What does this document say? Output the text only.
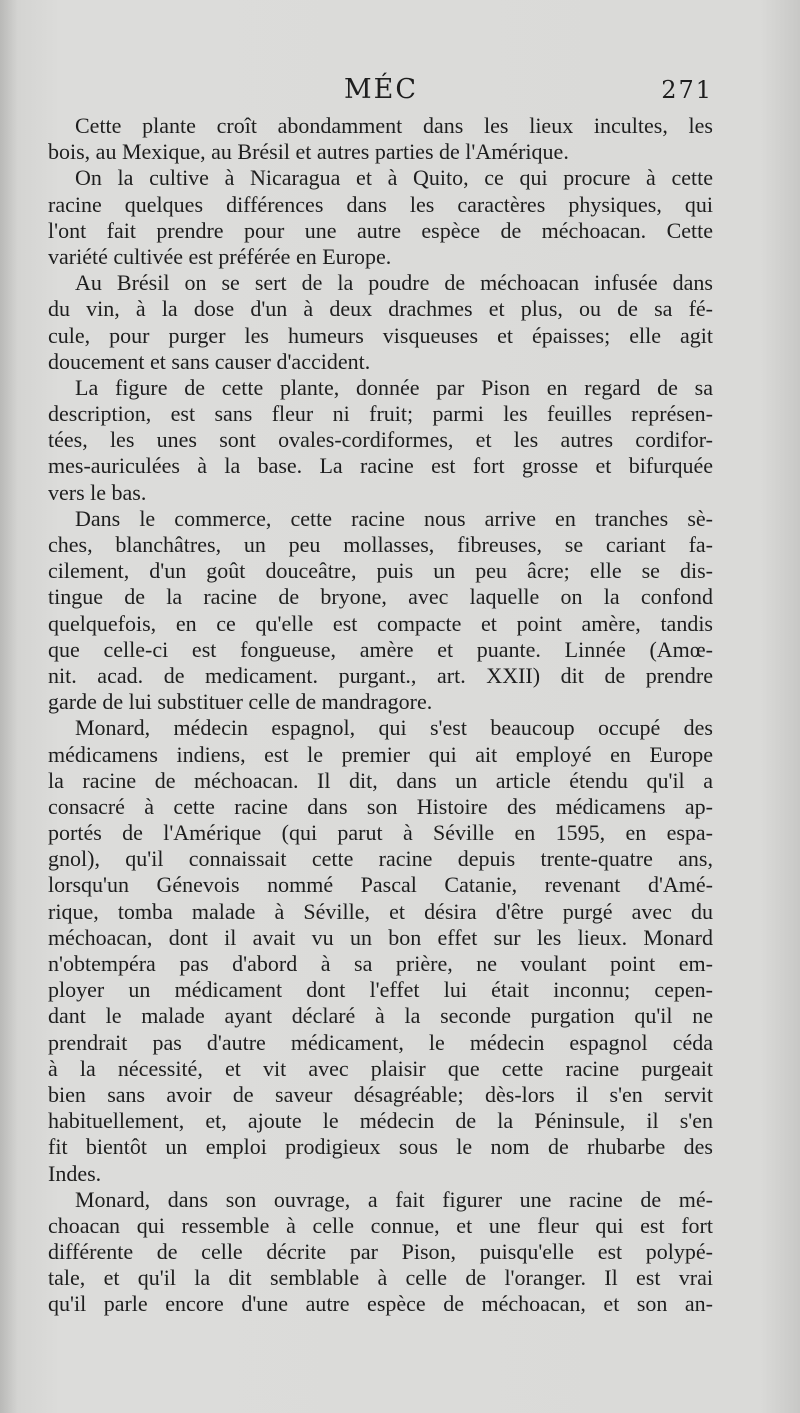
MÉC	271
Cette plante croît abondamment dans les lieux incultes, les
bois, au Mexique, au Brésil et autres parties de l'Amérique.
On la cultive à Nicaragua et à Quito, ce qui procure à cette
racine quelques différences dans les caractères physiques, qui
l'ont fait prendre pour une autre espèce de méchoacan. Cette
variété cultivée est préférée en Europe.
Au Brésil on se sert de la poudre de méchoacan infusée dans
du vin, à la dose d'un à deux drachmes et plus, ou de sa fé-
cule, pour purger les humeurs visqueuses et épaisses; elle agit
doucement et sans causer d'accident.
La figure de cette plante, donnée par Pison en regard de sa
description, est sans fleur ni fruit; parmi les feuilles représen-
tées, les unes sont ovales-cordiformes, et les autres cordifor-
mes-auriculées à la base. La racine est fort grosse et bifurquée
vers le bas.
Dans le commerce, cette racine nous arrive en tranches sè-
ches, blanchâtres, un peu mollasses, fibreuses, se cariant fa-
cilement, d'un goût douceâtre, puis un peu âcre; elle se dis-
tingue de la racine de bryone, avec laquelle on la confond
quelquefois, en ce qu'elle est compacte et point amère, tandis
que celle-ci est fongueuse, amère et puante. Linnée (Amœ-
nit. acad. de medicament. purgant., art. XXII) dit de prendre
garde de lui substituer celle de mandragore.
Monard, médecin espagnol, qui s'est beaucoup occupé des
médicamens indiens, est le premier qui ait employé en Europe
la racine de méchoacan. Il dit, dans un article étendu qu'il a
consacré à cette racine dans son Histoire des médicamens ap-
portés de l'Amérique (qui parut à Séville en 1595, en espa-
gnol), qu'il connaissait cette racine depuis trente-quatre ans,
lorsqu'un Génevois nommé Pascal Catanie, revenant d'Amé-
rique, tomba malade à Séville, et désira d'être purgé avec du
méchoacan, dont il avait vu un bon effet sur les lieux. Monard
n'obtempéra pas d'abord à sa prière, ne voulant point em-
ployer un médicament dont l'effet lui était inconnu; cepen-
dant le malade ayant déclaré à la seconde purgation qu'il ne
prendrait pas d'autre médicament, le médecin espagnol céda
à la nécessité, et vit avec plaisir que cette racine purgeait
bien sans avoir de saveur désagréable; dès-lors il s'en servit
habituellement, et, ajoute le médecin de la Péninsule, il s'en
fit bientôt un emploi prodigieux sous le nom de rhubarbe des
Indes.
Monard, dans son ouvrage, a fait figurer une racine de mé-
choacan qui ressemble à celle connue, et une fleur qui est fort
différente de celle décrite par Pison, puisqu'elle est polypé-
tale, et qu'il la dit semblable à celle de l'oranger. Il est vrai
qu'il parle encore d'une autre espèce de méchoacan, et son an-
